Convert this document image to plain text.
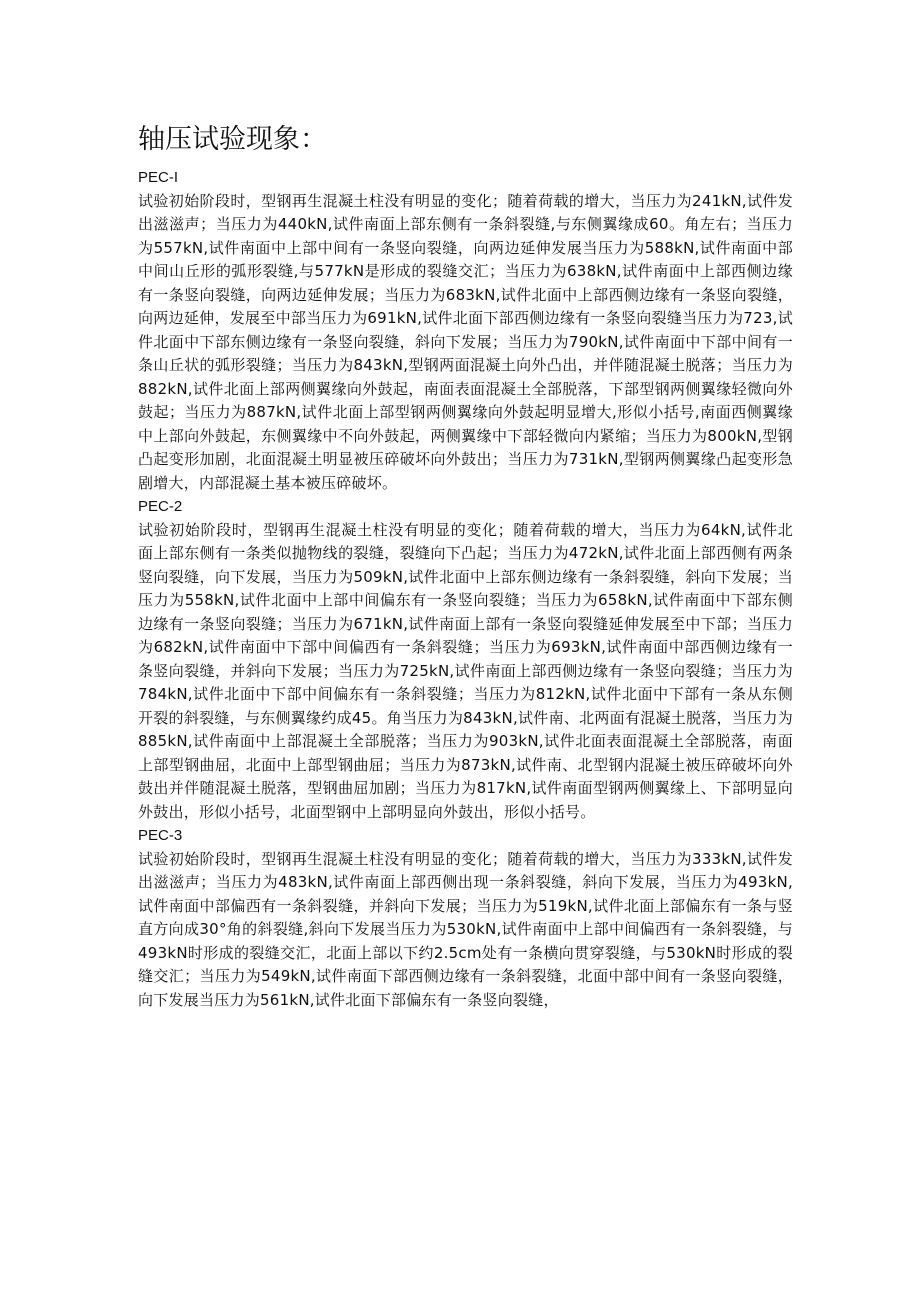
轴压试验现象：

PEC-I

试验初始阶段时，型钢再生混凝土柱没有明显的变化；随着荷载的增大，当压力为241kN,试件发出滋滋声；当压力为440kN,试件南面上部东侧有一条斜裂缝,与东侧翼缘成60。角左右；当压力为557kN,试件南面中上部中间有一条竖向裂缝，向两边延伸发展当压力为588kN,试件南面中部中间山丘形的弧形裂缝,与577kN是形成的裂缝交汇；当压力为638kN,试件南面中上部西侧边缘有一条竖向裂缝，向两边延伸发展；当压力为683kN,试件北面中上部西侧边缘有一条竖向裂缝，向两边延伸，发展至中部当压力为691kN,试件北面下部西侧边缘有一条竖向裂缝当压力为723,试件北面中下部东侧边缘有一条竖向裂缝，斜向下发展；当压力为790kN,试件南面中下部中间有一条山丘状的弧形裂缝；当压力为843kN,型钢两面混凝土向外凸出，并伴随混凝土脱落；当压力为882kN,试件北面上部两侧翼缘向外鼓起，南面表面混凝土全部脱落，下部型钢两侧翼缘轻微向外鼓起；当压力为887kN,试件北面上部型钢两侧翼缘向外鼓起明显增大,形似小括号,南面西侧翼缘中上部向外鼓起，东侧翼缘中不向外鼓起，两侧翼缘中下部轻微向内紧缩；当压力为800kN,型钢凸起变形加剧，北面混凝土明显被压碎破坏向外鼓出；当压力为731kN,型钢两侧翼缘凸起变形急剧增大，内部混凝土基本被压碎破坏。

PEC-2

试验初始阶段时，型钢再生混凝土柱没有明显的变化；随着荷载的增大，当压力为64kN,试件北面上部东侧有一条类似抛物线的裂缝，裂缝向下凸起；当压力为472kN,试件北面上部西侧有两条竖向裂缝，向下发展，当压力为509kN,试件北面中上部东侧边缘有一条斜裂缝，斜向下发展；当压力为558kN,试件北面中上部中间偏东有一条竖向裂缝；当压力为658kN,试件南面中下部东侧边缘有一条竖向裂缝；当压力为671kN,试件南面上部有一条竖向裂缝延伸发展至中下部；当压力为682kN,试件南面中下部中间偏西有一条斜裂缝；当压力为693kN,试件南面中部西侧边缘有一条竖向裂缝，并斜向下发展；当压力为725kN,试件南面上部西侧边缘有一条竖向裂缝；当压力为784kN,试件北面中下部中间偏东有一条斜裂缝；当压力为812kN,试件北面中下部有一条从东侧开裂的斜裂缝，与东侧翼缘约成45。角当压力为843kN,试件南、北两面有混凝土脱落，当压力为885kN,试件南面中上部混凝土全部脱落；当压力为903kN,试件北面表面混凝土全部脱落，南面上部型钢曲屈，北面中上部型钢曲屈；当压力为873kN,试件南、北型钢内混凝土被压碎破坏向外鼓出并伴随混凝土脱落，型钢曲屈加剧；当压力为817kN,试件南面型钢两侧翼缘上、下部明显向外鼓出，形似小括号，北面型钢中上部明显向外鼓出，形似小括号。

PEC-3

试验初始阶段时，型钢再生混凝土柱没有明显的变化；随着荷载的增大，当压力为333kN,试件发出滋滋声；当压力为483kN,试件南面上部西侧出现一条斜裂缝，斜向下发展，当压力为493kN,试件南面中部偏西有一条斜裂缝，并斜向下发展；当压力为519kN,试件北面上部偏东有一条与竖直方向成30°角的斜裂缝,斜向下发展当压力为530kN,试件南面中上部中间偏西有一条斜裂缝，与493kN时形成的裂缝交汇，北面上部以下约2.5cm处有一条横向贯穿裂缝，与530kN时形成的裂缝交汇；当压力为549kN,试件南面下部西侧边缘有一条斜裂缝，北面中部中间有一条竖向裂缝，向下发展当压力为561kN,试件北面下部偏东有一条竖向裂缝，
